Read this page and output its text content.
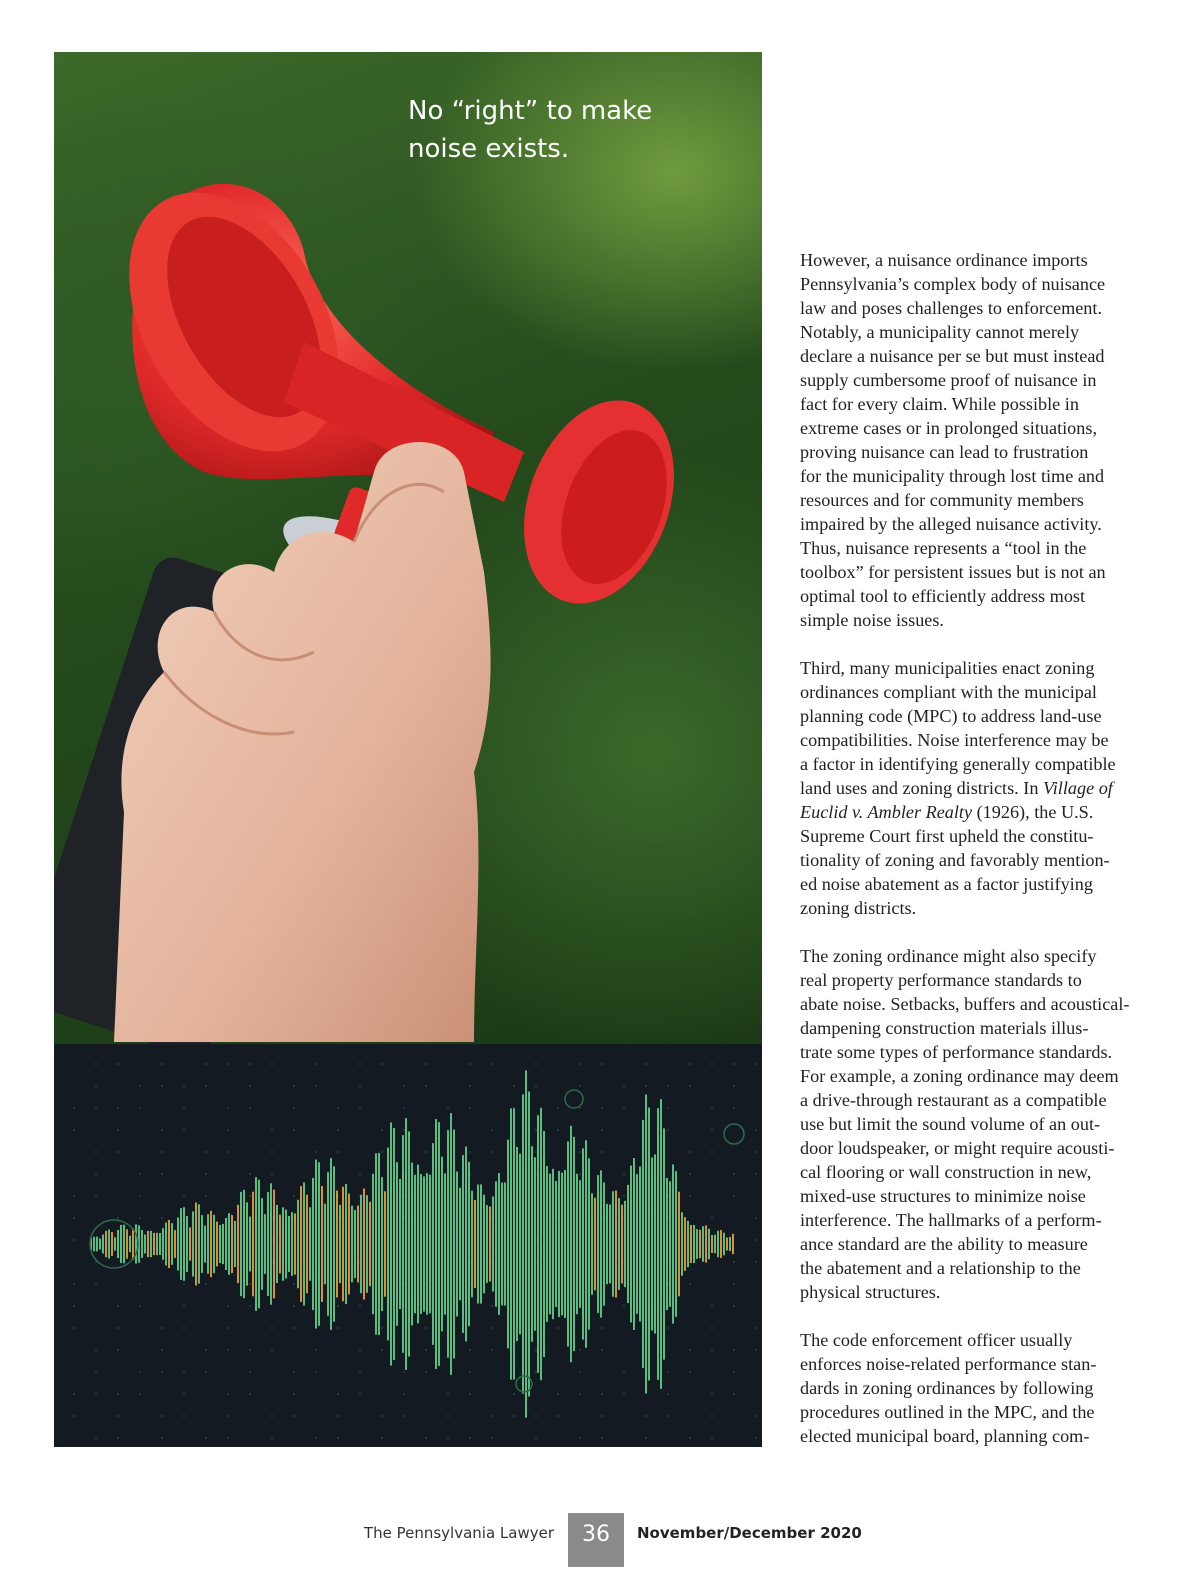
No “right” to make
noise exists.

However, a nuisance ordinance imports
Pennsylvania’s complex body of nuisance
law and poses challenges to enforcement.
Notably, a municipality cannot merely
declare a nuisance per se but must instead
supply cumbersome proof of nuisance in
fact for every claim. While possible in
extreme cases or in prolonged situations,
proving nuisance can lead to frustration
for the municipality through lost time and
resources and for community members
impaired by the alleged nuisance activity.
Thus, nuisance represents a “tool in the
toolbox” for persistent issues but is not an
optimal tool to efficiently address most
simple noise issues.

Third, many municipalities enact zoning
ordinances compliant with the municipal
planning code (MPC) to address land-use
compatibilities. Noise interference may be
a factor in identifying generally compatible
land uses and zoning districts. In Village of
Euclid v. Ambler Realty (1926), the U.S.
Supreme Court first upheld the constitu-
tionality of zoning and favorably mention-
ed noise abatement as a factor justifying
zoning districts.

The zoning ordinance might also specify
real property performance standards to
abate noise. Setbacks, buffers and acoustical-
dampening construction materials illus-
trate some types of performance standards.
For example, a zoning ordinance may deem
a drive-through restaurant as a compatible
use but limit the sound volume of an out-
door loudspeaker, or might require acousti-
cal flooring or wall construction in new,
mixed-use structures to minimize noise
interference. The hallmarks of a perform-
ance standard are the ability to measure
the abatement and a relationship to the
physical structures.

The code enforcement officer usually
enforces noise-related performance stan-
dards in zoning ordinances by following
procedures outlined in the MPC, and the
elected municipal board, planning com-

The Pennsylvania Lawyer	36	November/December 2020
